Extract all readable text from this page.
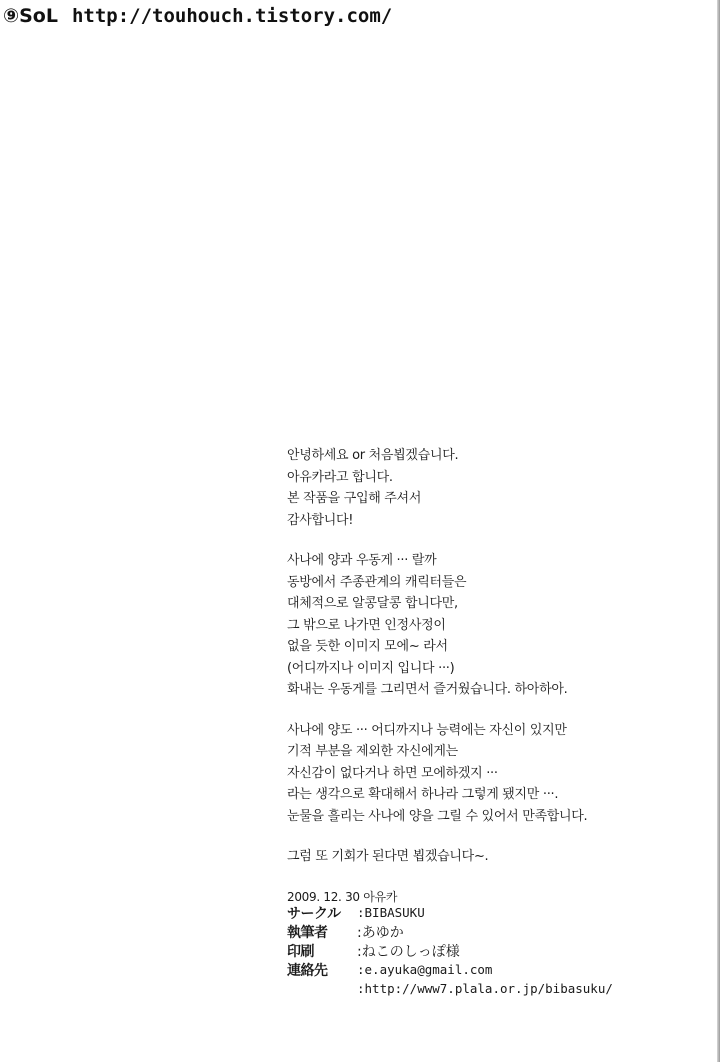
⑨SoL http://touhouch.tistory.com/
안녕하세요 or 처음뵙겠습니다.
아유카라고 합니다.
본 작품을 구입해 주셔서
감사합니다!
사나에 양과 우동게 ··· 랄까
동방에서 주종관계의 캐릭터들은
대체적으로 알콩달콩 합니다만,
그 밖으로 나가면 인정사정이
없을 듯한 이미지 모에~ 라서
(어디까지나 이미지 입니다 ···)
화내는 우동게를 그리면서 즐거웠습니다. 하아하아.
사나에 양도 ··· 어디까지나 능력에는 자신이 있지만
기적 부분을 제외한 자신에게는
자신감이 없다거나 하면 모에하겠지 ···
라는 생각으로 확대해서 하나라 그렇게 됐지만 ···.
눈물을 흘리는 사나에 양을 그릴 수 있어서 만족합니다.
그럼 또 기회가 된다면 뵙겠습니다~.
2009. 12. 30 아유카
サークル	:BIBASUKU
執筆者	:あゆか
印刷	:ねこのしっぽ様
連絡先	:e.ayuka@gmail.com
:http://www7.plala.or.jp/bibasuku/
